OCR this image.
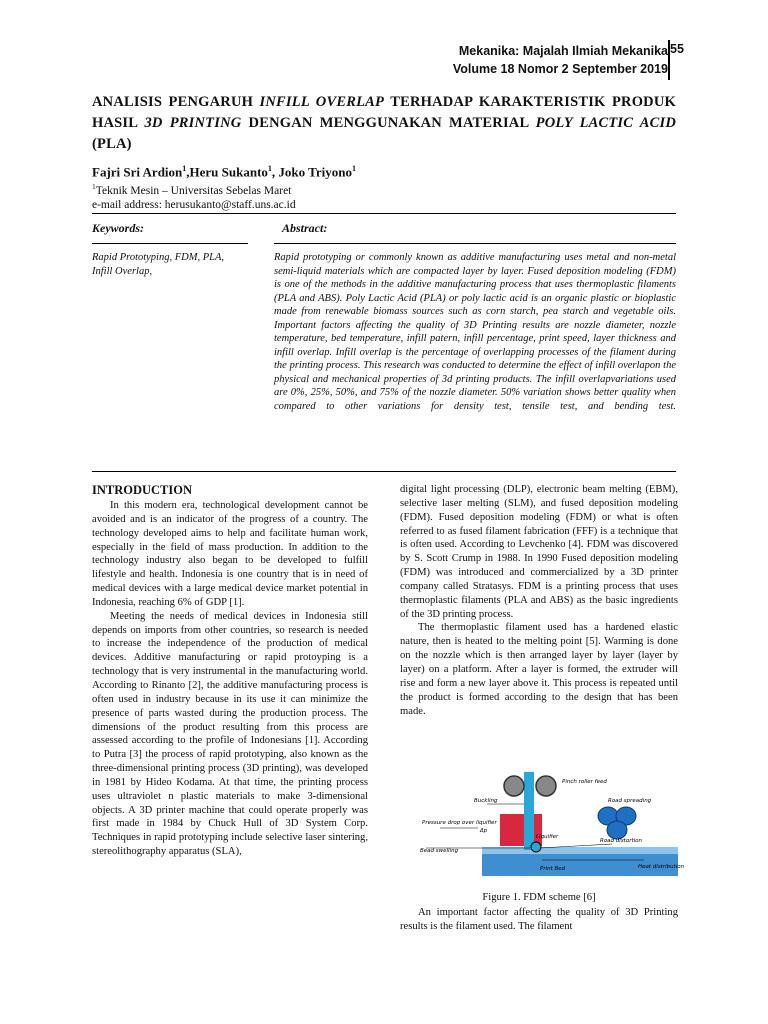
Mekanika: Majalah Ilmiah Mekanika
Volume 18 Nomor 2 September 2019
55
ANALISIS PENGARUH INFILL OVERLAP TERHADAP KARAKTERISTIK PRODUK HASIL 3D PRINTING DENGAN MENGGUNAKAN MATERIAL POLY LACTIC ACID (PLA)
Fajri Sri Ardion$^1$,Heru Sukanto$^1$, Joko Triyono$^1$
$^1$Teknik Mesin – Universitas Sebelas Maret
e-mail address: herusukanto@staff.uns.ac.id
Keywords:	Abstract:
Rapid Prototyping, FDM, PLA, Infill Overlap,
Rapid prototyping or commonly known as additive manufacturing uses metal and non-metal semi-liquid materials which are compacted layer by layer. Fused deposition modeling (FDM) is one of the methods in the additive manufacturing process that uses thermoplastic filaments (PLA and ABS). Poly Lactic Acid (PLA) or poly lactic acid is an organic plastic or bioplastic made from renewable biomass sources such as corn starch, pea starch and vegetable oils. Important factors affecting the quality of 3D Printing results are nozzle diameter, nozzle temperature, bed temperature, infill patern, infill percentage, print speed, layer thickness and infill overlap. Infill overlap is the percentage of overlapping processes of the filament during the printing process. This research was conducted to determine the effect of infill overlapon the physical and mechanical properties of 3d printing products. The infill overlapvariations used are 0%, 25%, 50%, and 75% of the nozzle diameter. 50% variation shows better quality when compared to other variations for density test, tensile test, and bending test.
INTRODUCTION

In this modern era, technological development cannot be avoided and is an indicator of the progress of a country. The technology developed aims to help and facilitate human work, especially in the field of mass production. In addition to the technology industry also began to be developed to fulfill lifestyle and health. Indonesia is one country that is in need of medical devices with a large medical device market potential in Indonesia, reaching 6% of GDP [1].

Meeting the needs of medical devices in Indonesia still depends on imports from other countries, so research is needed to increase the independence of the production of medical devices. Additive manufacturing or rapid protoyping is a technology that is very instrumental in the manufacturing world. According to Rinanto [2], the additive manufacturing process is often used in industry because in its use it can minimize the presence of parts wasted during the production process. The dimensions of the product resulting from this process are assessed according to the profile of Indonesians [1]. According to Putra [3] the process of rapid prototyping, also known as the three-dimensional printing process (3D printing), was developed in 1981 by Hideo Kodama. At that time, the printing process uses ultraviolet n plastic materials to make 3-dimensional objects. A 3D printer machine that could operate properly was first made in 1984 by Chuck Hull of 3D System Corp. Techniques in rapid prototyping include selective laser sintering, stereolithography apparatus (SLA),

digital light processing (DLP), electronic beam melting (EBM), selective laser melting (SLM), and fused deposition modeling (FDM). Fused deposition modeling (FDM) or what is often referred to as fused filament fabrication (FFF) is a technique that is often used. According to Levchenko [4]. FDM was discovered by S. Scott Crump in 1988. In 1990 Fused deposition modeling (FDM) was introduced and commercialized by a 3D printer company called Stratasys. FDM is a printing process that uses thermoplastic filaments (PLA and ABS) as the basic ingredients of the 3D printing process.

The thermoplastic filament used has a hardened elastic nature, then is heated to the melting point [5]. Warming is done on the nozzle which is then arranged layer by layer (layer by layer) on a platform. After a layer is formed, the extruder will rise and form a new layer above it. This process is repeated until the product is formed according to the design that has been made.

Pinch roller feed
Buckling	Road spreading
Pressure drop over liquifier
Δp
Liquifier
Road distortion
Bead swelling
Print Bed	Heat distribution
Figure 1. FDM scheme [6]

An important factor affecting the quality of 3D Printing results is the filament used. The filament
